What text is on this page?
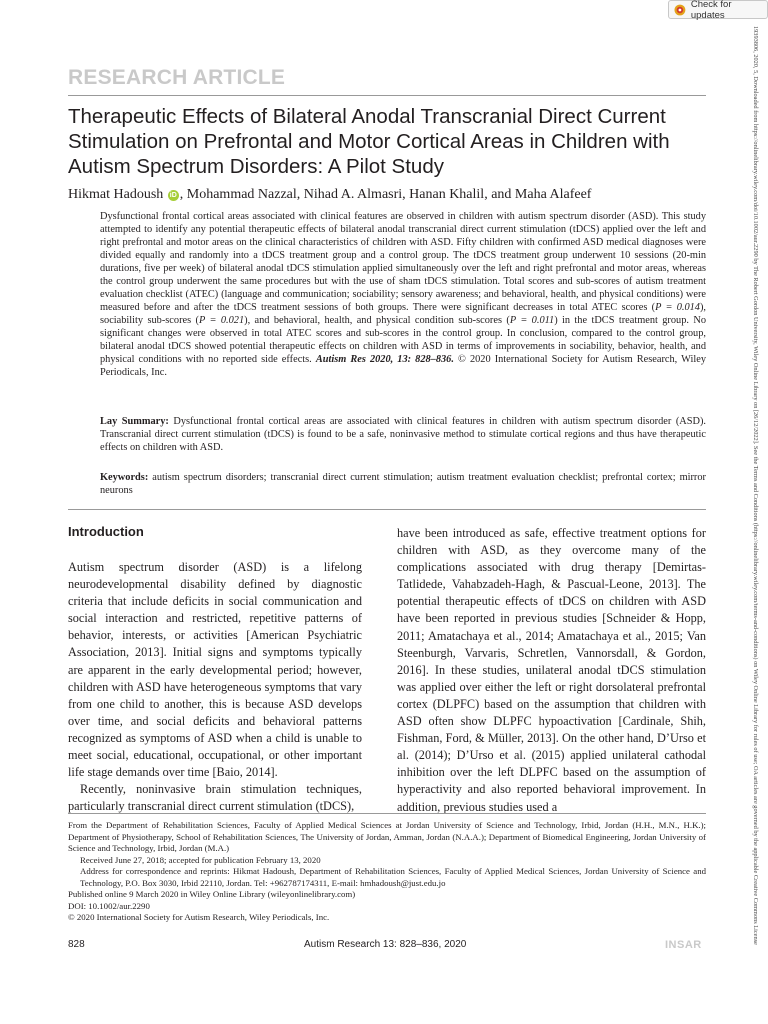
Check for updates
19393806, 2020, 5, Downloaded from https://onlinelibrary.wiley.com/doi/10.1002/aur.2290 by The Robert Gordon University, Wiley Online Library on [26/12/2022]. See the Terms and Conditions (https://onlinelibrary.wiley.com/terms-and-conditions) on Wiley Online Library for rules of use; OA articles are governed by the applicable Creative Commons License
RESEARCH ARTICLE
Therapeutic Effects of Bilateral Anodal Transcranial Direct Current Stimulation on Prefrontal and Motor Cortical Areas in Children with Autism Spectrum Disorders: A Pilot Study
Hikmat Hadoush iD , Mohammad Nazzal, Nihad A. Almasri, Hanan Khalil, and Maha Alafeef
Dysfunctional frontal cortical areas associated with clinical features are observed in children with autism spectrum disorder (ASD). This study attempted to identify any potential therapeutic effects of bilateral anodal transcranial direct current stimulation (tDCS) applied over the left and right prefrontal and motor areas on the clinical characteristics of children with ASD. Fifty children with confirmed ASD medical diagnoses were divided equally and randomly into a tDCS treatment group and a control group. The tDCS treatment group underwent 10 sessions (20-min durations, five per week) of bilateral anodal tDCS stimulation applied simultaneously over the left and right prefrontal and motor areas, whereas the control group underwent the same procedures but with the use of sham tDCS stimulation. Total scores and sub-scores of autism treatment evaluation checklist (ATEC) (language and communication; sociability; sensory awareness; and behavioral, health, and physical conditions) were measured before and after the tDCS treatment sessions of both groups. There were significant decreases in total ATEC scores (P = 0.014), sociability sub-scores (P = 0.021), and behavioral, health, and physical condition sub-scores (P = 0.011) in the tDCS treatment group. No significant changes were observed in total ATEC scores and sub-scores in the control group. In conclusion, compared to the control group, bilateral anodal tDCS showed potential therapeutic effects on children with ASD in terms of improvements in sociability, behavior, health, and physical conditions with no reported side effects. Autism Res 2020, 13: 828–836. © 2020 International Society for Autism Research, Wiley Periodicals, Inc.
Lay Summary: Dysfunctional frontal cortical areas are associated with clinical features in children with autism spectrum disorder (ASD). Transcranial direct current stimulation (tDCS) is found to be a safe, noninvasive method to stimulate cortical regions and thus have therapeutic effects on children with ASD.
Keywords: autism spectrum disorders; transcranial direct current stimulation; autism treatment evaluation checklist; prefrontal cortex; mirror neurons
Introduction

Autism spectrum disorder (ASD) is a lifelong neurodevelopmental disability defined by diagnostic criteria that include deficits in social communication and social interaction and restricted, repetitive patterns of behavior, interests, or activities [American Psychiatric Association, 2013]. Initial signs and symptoms typically are apparent in the early developmental period; however, children with ASD have heterogeneous symptoms that vary from one child to another, this is because ASD develops over time, and social deficits and behavioral patterns recognized as symptoms of ASD when a child is unable to meet social, educational, occupational, or other important life stage demands over time [Baio, 2014].

Recently, noninvasive brain stimulation techniques, particularly transcranial direct current stimulation (tDCS),

have been introduced as safe, effective treatment options for children with ASD, as they overcome many of the complications associated with drug therapy [Demirtas-Tatlidede, Vahabzadeh-Hagh, & Pascual-Leone, 2013]. The potential therapeutic effects of tDCS on children with ASD have been reported in previous studies [Schneider & Hopp, 2011; Amatachaya et al., 2014; Amatachaya et al., 2015; Van Steenburgh, Varvaris, Schretlen, Vannorsdall, & Gordon, 2016]. In these studies, unilateral anodal tDCS stimulation was applied over either the left or right dorsolateral prefrontal cortex (DLPFC) based on the assumption that children with ASD often show DLPFC hypoactivation [Cardinale, Shih, Fishman, Ford, & Müller, 2013]. On the other hand, D’Urso et al. (2014); D’Urso et al. (2015) applied unilateral cathodal inhibition over the left DLPFC based on the assumption of hyperactivity and also reported behavioral improvement. In addition, previous studies used a

From the Department of Rehabilitation Sciences, Faculty of Applied Medical Sciences at Jordan University of Science and Technology, Irbid, Jordan (H.H., M.N., H.K.); Department of Physiotherapy, School of Rehabilitation Sciences, The University of Jordan, Amman, Jordan (N.A.A.); Department of Biomedical Engineering, Jordan University of Science and Technology, Irbid, Jordan (M.A.)

Received June 27, 2018; accepted for publication February 13, 2020

Address for correspondence and reprints: Hikmat Hadoush, Department of Rehabilitation Sciences, Faculty of Applied Medical Sciences, Jordan University of Science and Technology, P.O. Box 3030, Irbid 22110, Jordan. Tel: +962787174311, E-mail: hmhadoush@just.edu.jo

Published online 9 March 2020 in Wiley Online Library (wileyonlinelibrary.com)

DOI: 10.1002/aur.2290

© 2020 International Society for Autism Research, Wiley Periodicals, Inc.

828	Autism Research 13: 828–836, 2020	INSAR
